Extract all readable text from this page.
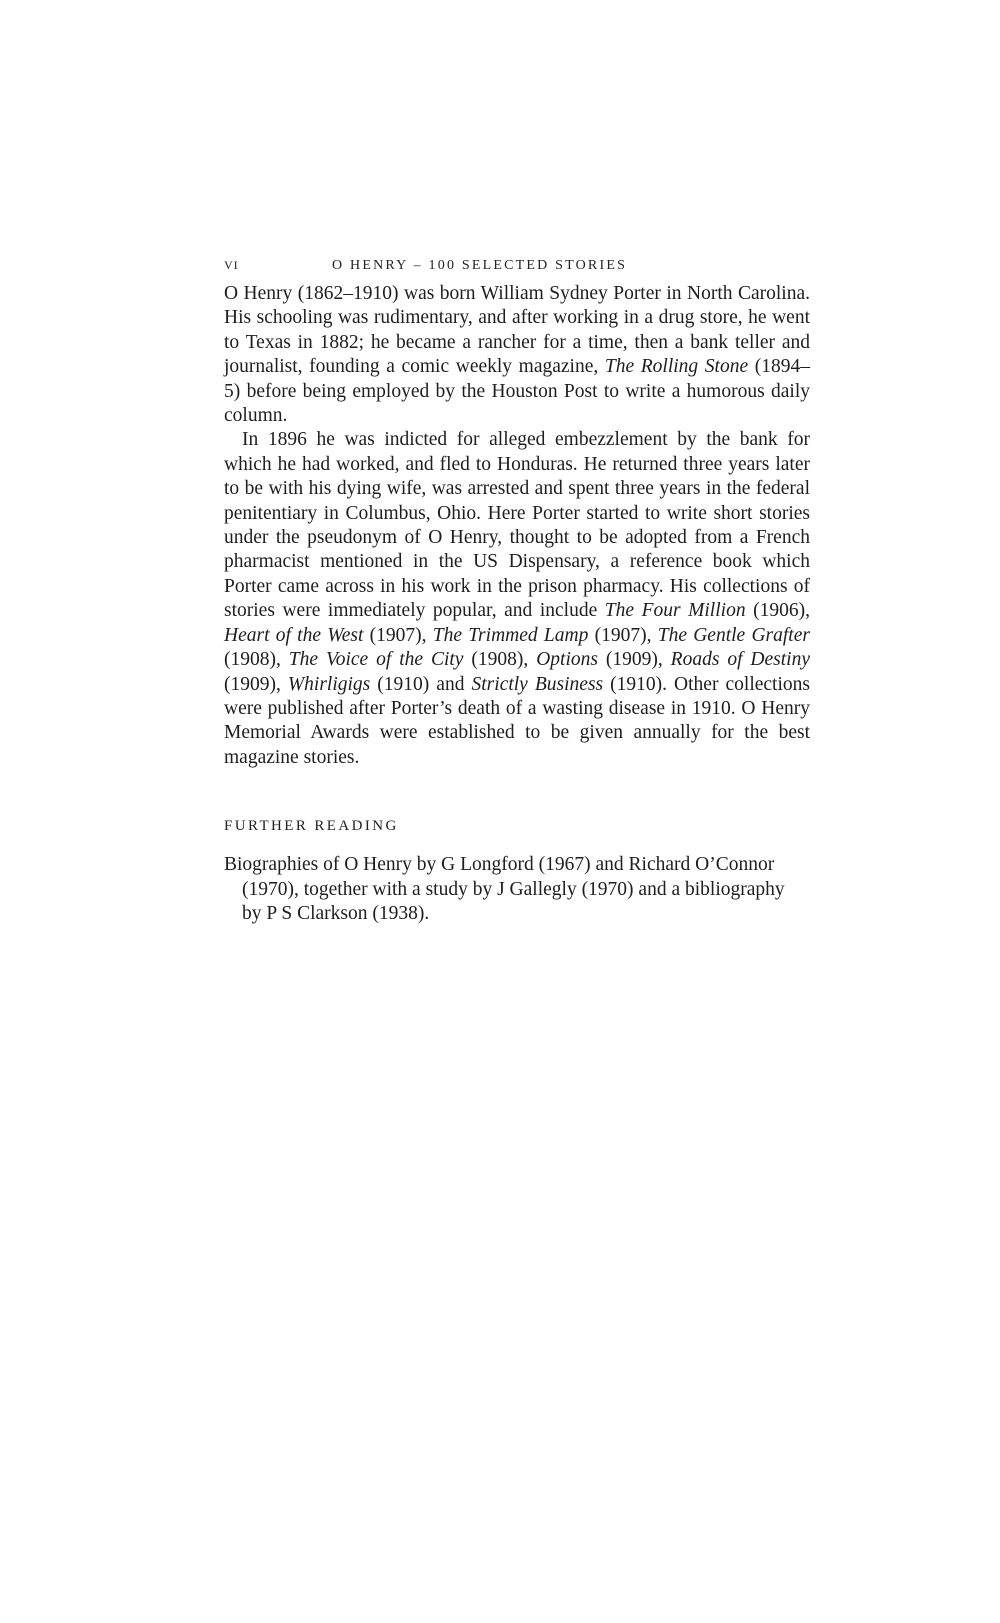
VI	O HENRY – 100 SELECTED STORIES

O Henry (1862–1910) was born William Sydney Porter in North Carolina. His schooling was rudimentary, and after working in a drug store, he went to Texas in 1882; he became a rancher for a time, then a bank teller and journalist, founding a comic weekly magazine, The Rolling Stone (1894–5) before being employed by the Houston Post to write a humorous daily column.

In 1896 he was indicted for alleged embezzlement by the bank for which he had worked, and fled to Honduras. He returned three years later to be with his dying wife, was arrested and spent three years in the federal penitentiary in Columbus, Ohio. Here Porter started to write short stories under the pseudonym of O Henry, thought to be adopted from a French pharmacist mentioned in the US Dispensary, a reference book which Porter came across in his work in the prison pharmacy. His collections of stories were immediately popular, and include The Four Million (1906), Heart of the West (1907), The Trimmed Lamp (1907), The Gentle Grafter (1908), The Voice of the City (1908), Options (1909), Roads of Destiny (1909), Whirligigs (1910) and Strictly Business (1910). Other collections were published after Porter’s death of a wasting disease in 1910. O Henry Memorial Awards were established to be given annually for the best magazine stories.

FURTHER READING
Biographies of O Henry by G Longford (1967) and Richard O’Connor (1970), together with a study by J Gallegly (1970) and a bibliography by P S Clarkson (1938).
